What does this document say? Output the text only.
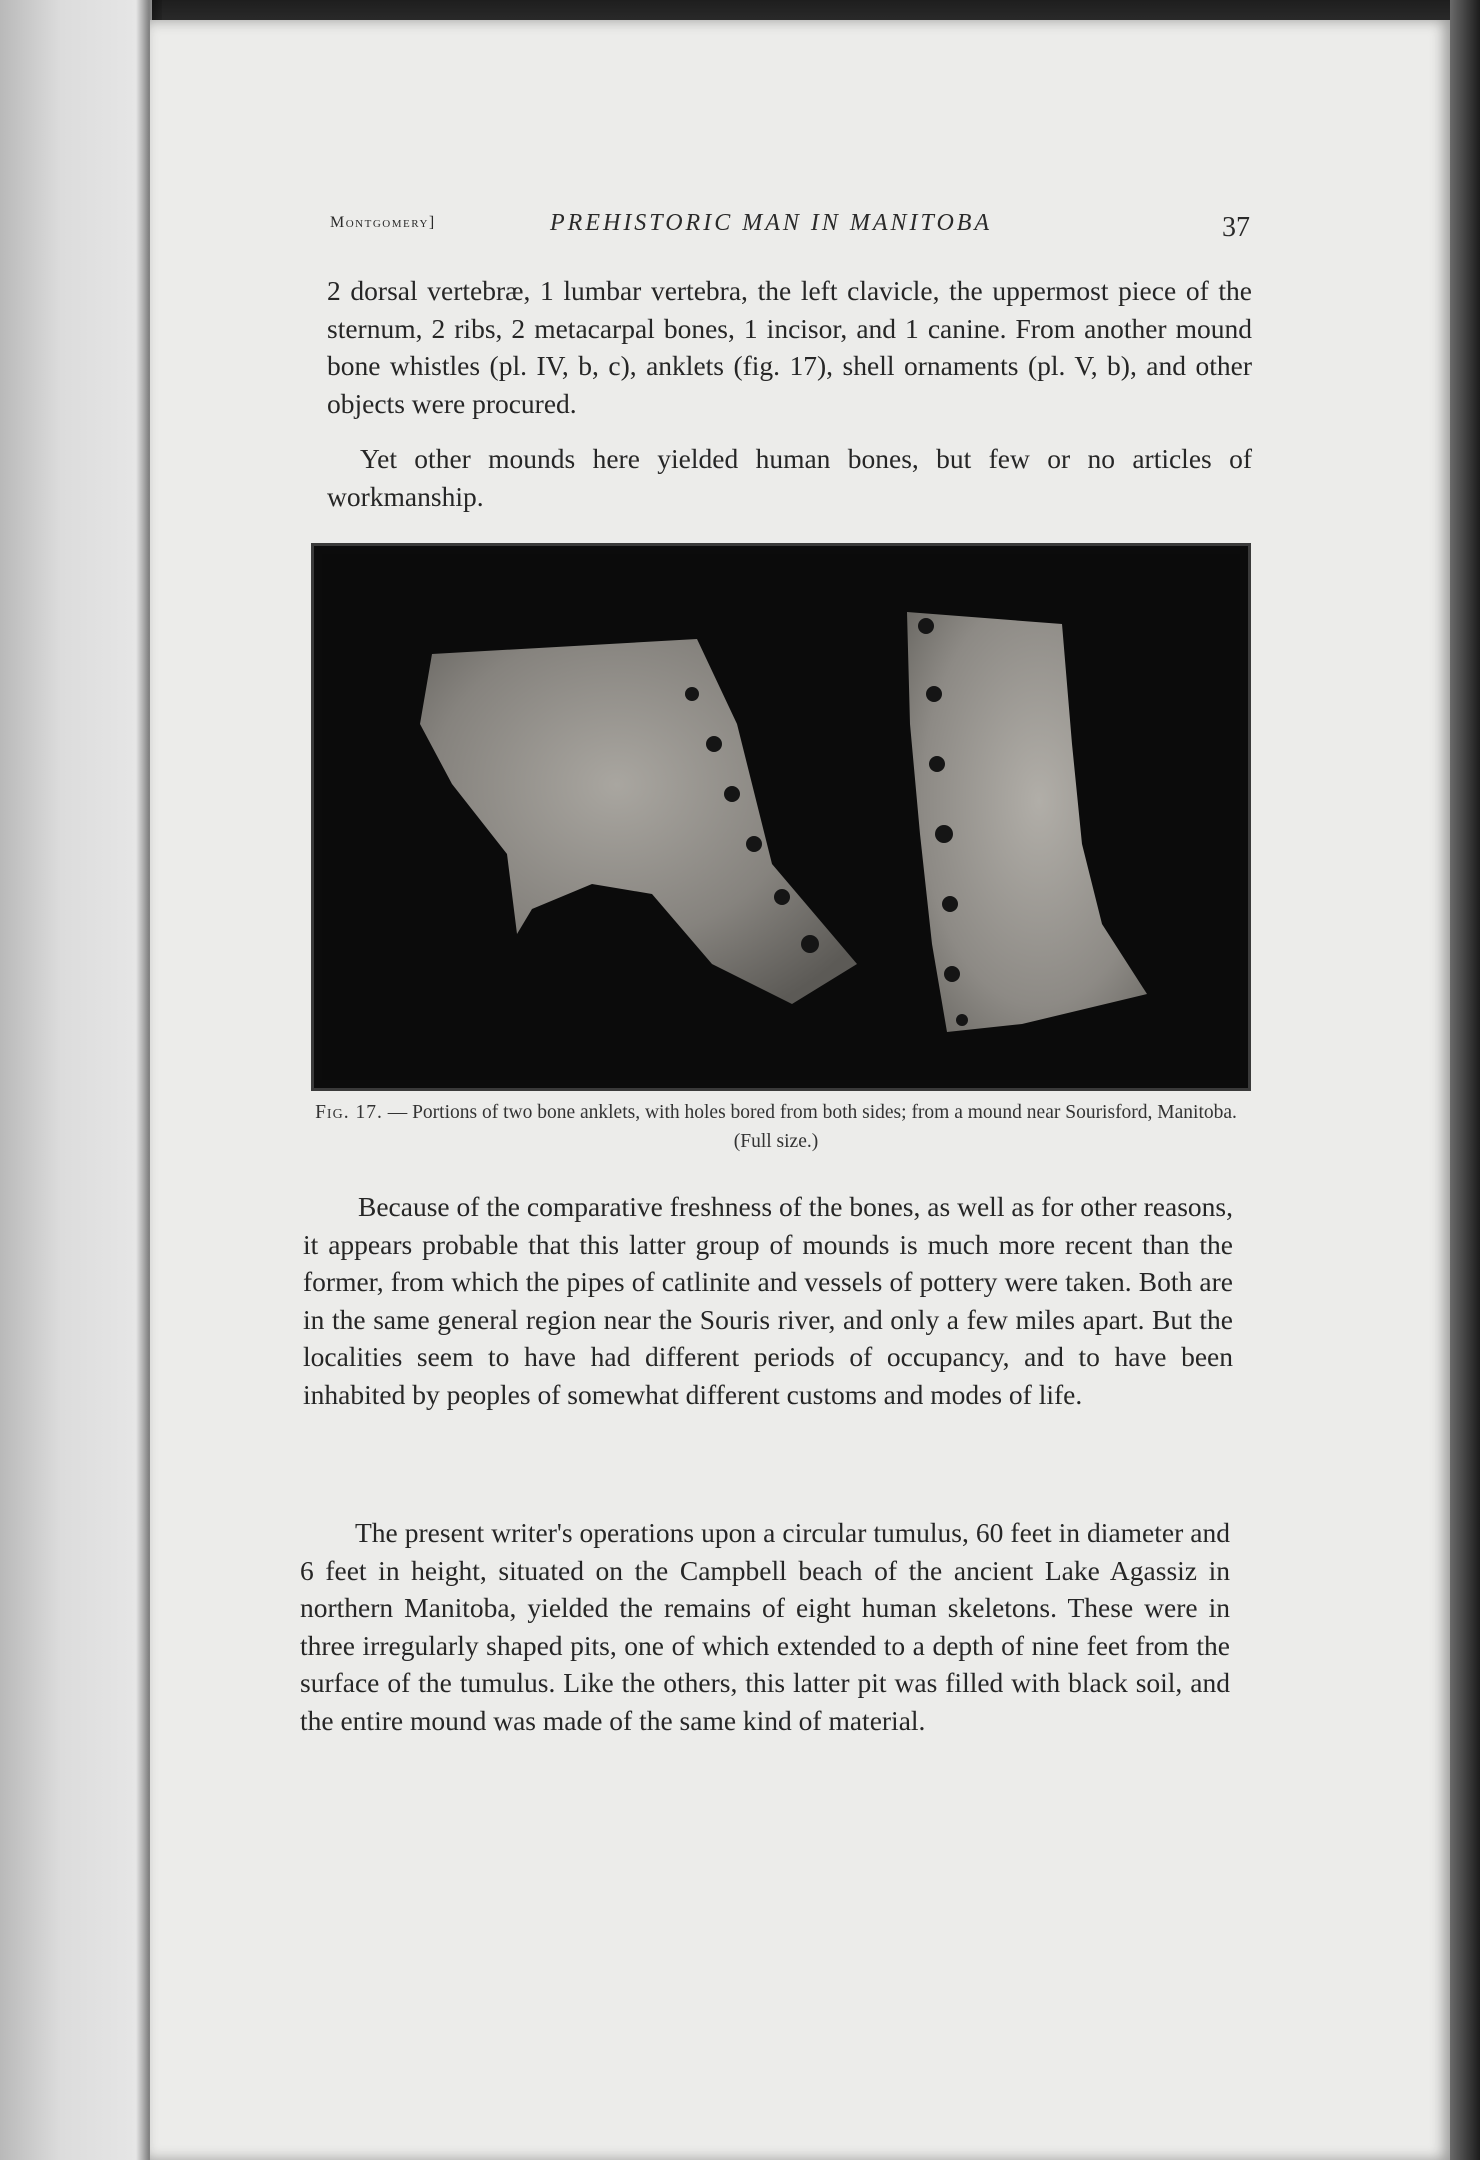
Montgomery]	PREHISTORIC MAN IN MANITOBA	37

2 dorsal vertebræ, 1 lumbar vertebra, the left clavicle, the uppermost piece of the sternum, 2 ribs, 2 metacarpal bones, 1 incisor, and 1 canine. From another mound bone whistles (pl. IV, b, c), anklets (fig. 17), shell ornaments (pl. V, b), and other objects were procured.

Yet other mounds here yielded human bones, but few or no articles of workmanship.

Fig. 17. — Portions of two bone anklets, with holes bored from both sides; from a mound near Sourisford, Manitoba. (Full size.)

Because of the comparative freshness of the bones, as well as for other reasons, it appears probable that this latter group of mounds is much more recent than the former, from which the pipes of catlinite and vessels of pottery were taken. Both are in the same general region near the Souris river, and only a few miles apart. But the localities seem to have had different periods of occupancy, and to have been inhabited by peoples of somewhat different customs and modes of life.

The present writer's operations upon a circular tumulus, 60 feet in diameter and 6 feet in height, situated on the Campbell beach of the ancient Lake Agassiz in northern Manitoba, yielded the remains of eight human skeletons. These were in three irregularly shaped pits, one of which extended to a depth of nine feet from the surface of the tumulus. Like the others, this latter pit was filled with black soil, and the entire mound was made of the same kind of material.
